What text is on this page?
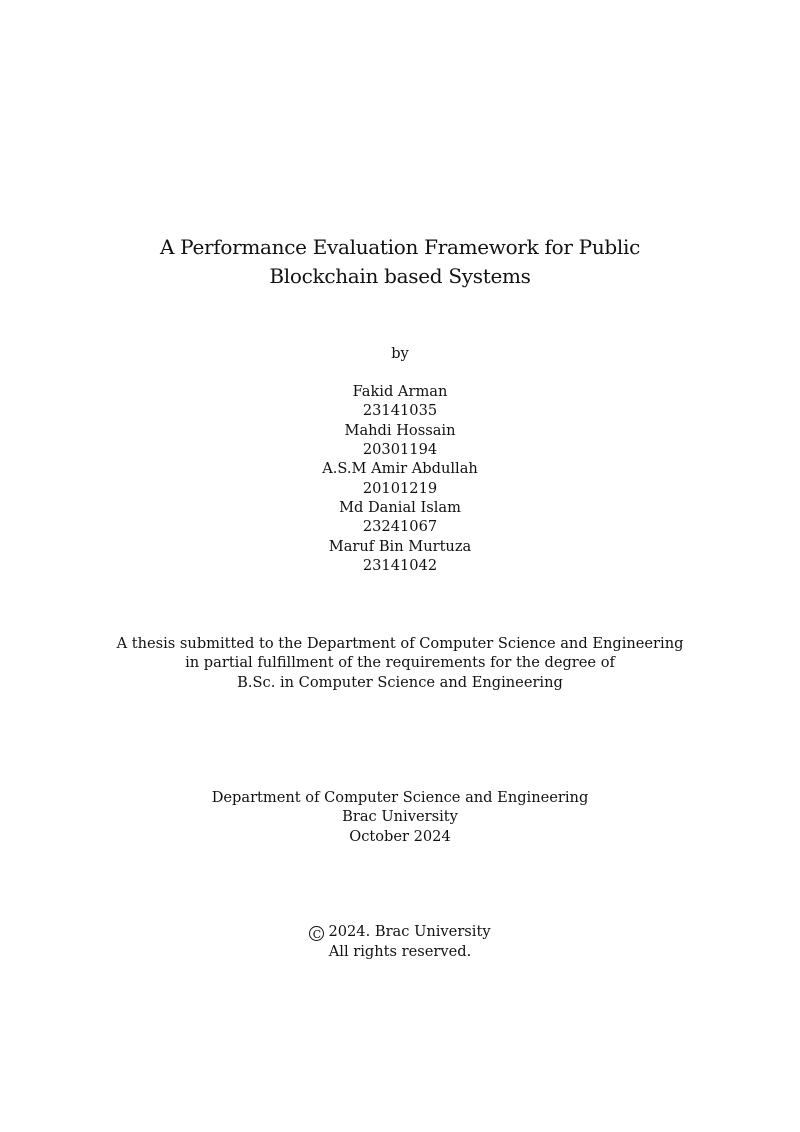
A Performance Evaluation Framework for Public
Blockchain based Systems
by
Fakid Arman
23141035
Mahdi Hossain
20301194
A.S.M Amir Abdullah
20101219
Md Danial Islam
23241067
Maruf Bin Murtuza
23141042
A thesis submitted to the Department of Computer Science and Engineering
in partial fulfillment of the requirements for the degree of
B.Sc. in Computer Science and Engineering
Department of Computer Science and Engineering
Brac University
October 2024
C 2024. Brac University
All rights reserved.
